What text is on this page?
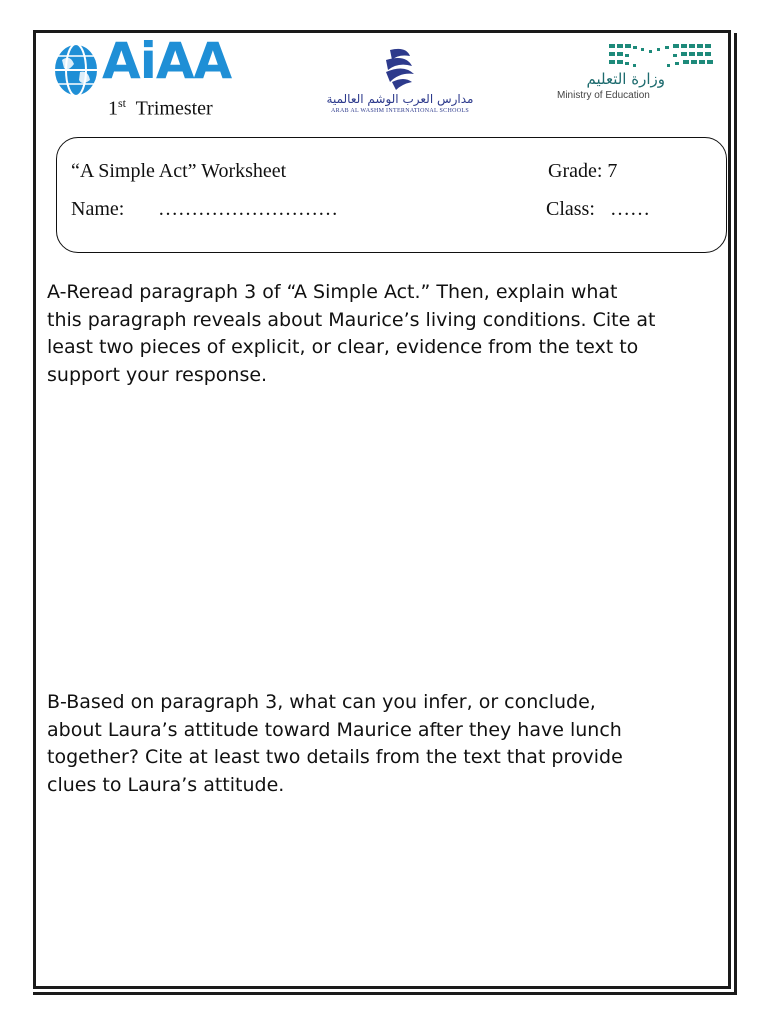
AiAA
1st Trimester	مدارس العرب الوشم العالمية
ARAB AL WASHM INTERNATIONAL SCHOOLS
وزارة التعليم
Ministry of Education
“A Simple Act” Worksheet	Grade: 7
Name: ………………………	Class: ……
A-Reread paragraph 3 of “A Simple Act.” Then, explain what
this paragraph reveals about Maurice’s living conditions. Cite at
least two pieces of explicit, or clear, evidence from the text to
support your response.
B-Based on paragraph 3, what can you infer, or conclude,
about Laura’s attitude toward Maurice after they have lunch
together? Cite at least two details from the text that provide
clues to Laura’s attitude.
